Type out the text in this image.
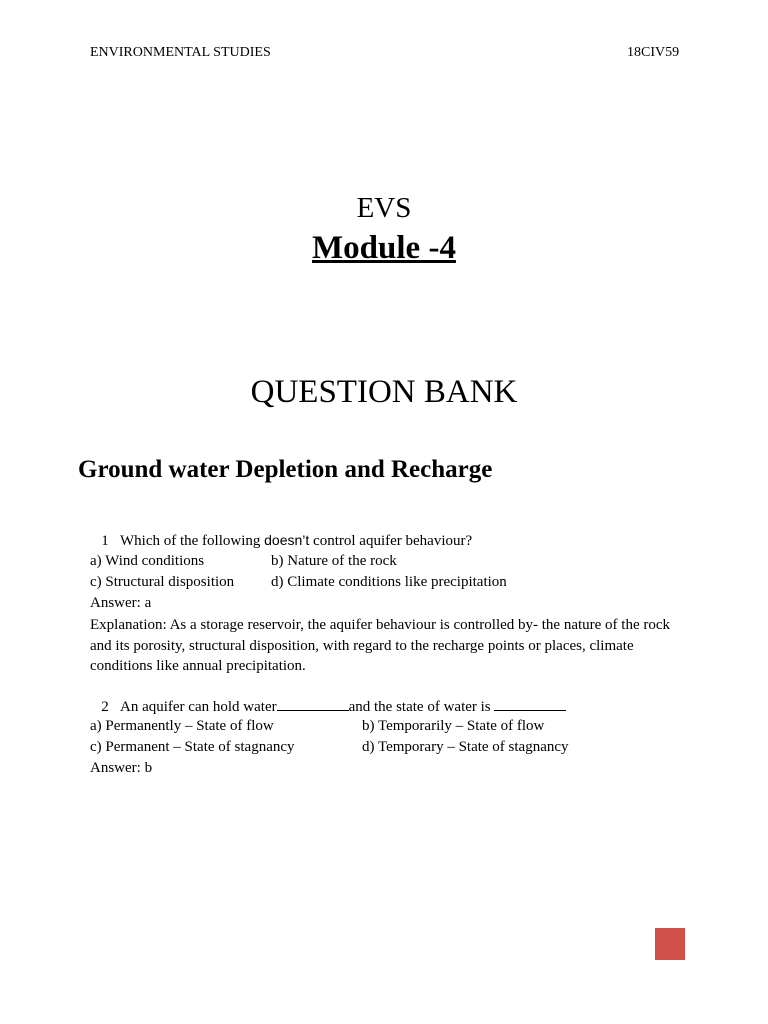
ENVIRONMENTAL STUDIES	18CIV59
EVS
Module -4
QUESTION BANK
Ground water Depletion and Recharge
1 Which of the following doesn’t control aquifer behaviour?
a) Wind conditions	b) Nature of the rock
c) Structural disposition d) Climate conditions like precipitation
Answer: a
Explanation: As a storage reservoir, the aquifer behaviour is controlled by- the nature of the rock and its porosity, structural disposition, with regard to the recharge points or places, climate conditions like annual precipitation.
2 An aquifer can hold water	and the state of water is
a) Permanently – State of flow	b) Temporarily – State of flow
c) Permanent – State of stagnancy	d) Temporary – State of stagnancy
Answer: b
